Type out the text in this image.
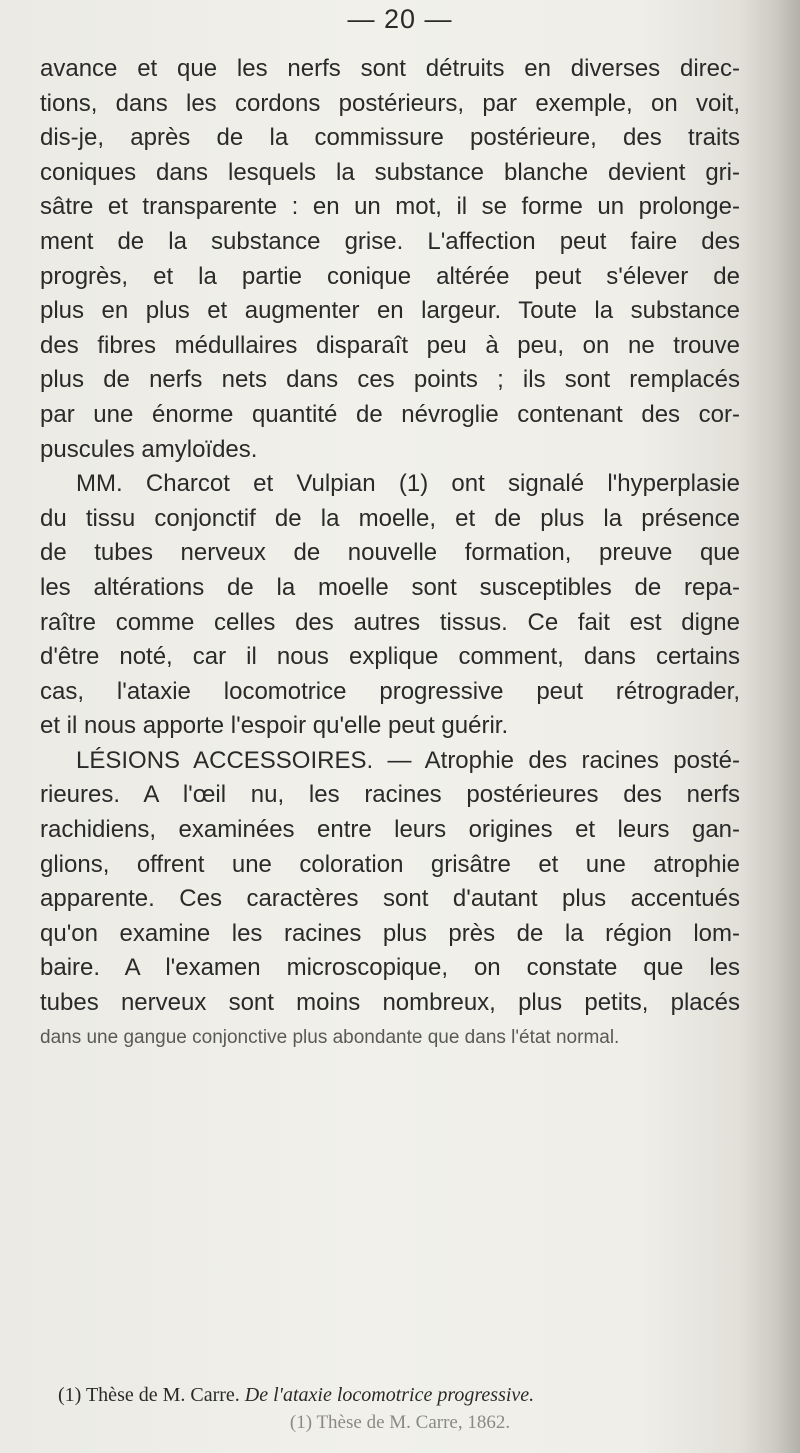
— 20 —
avance et que les nerfs sont détruits en diverses direc-
tions, dans les cordons postérieurs, par exemple, on voit,
dis-je, après de la commissure postérieure, des traits
coniques dans lesquels la substance blanche devient gri-
sâtre et transparente : en un mot, il se forme un prolonge-
ment de la substance grise. L'affection peut faire des
progrès, et la partie conique altérée peut s'élever de
plus en plus et augmenter en largeur. Toute la substance
des fibres médullaires disparaît peu à peu, on ne trouve
plus de nerfs nets dans ces points ; ils sont remplacés
par une énorme quantité de névroglie contenant des cor-
puscules amyloïdes.
MM. Charcot et Vulpian (1) ont signalé l'hyperplasie
du tissu conjonctif de la moelle, et de plus la présence
de tubes nerveux de nouvelle formation, preuve que
les altérations de la moelle sont susceptibles de repa-
raître comme celles des autres tissus. Ce fait est digne
d'être noté, car il nous explique comment, dans certains
cas, l'ataxie locomotrice progressive peut rétrograder,
et il nous apporte l'espoir qu'elle peut guérir.
LÉSIONS ACCESSOIRES. — Atrophie des racines posté-
rieures. A l'œil nu, les racines postérieures des nerfs
rachidiens, examinées entre leurs origines et leurs gan-
glions, offrent une coloration grisâtre et une atrophie
apparente. Ces caractères sont d'autant plus accentués
qu'on examine les racines plus près de la région lom-
baire. A l'examen microscopique, on constate que les
tubes nerveux sont moins nombreux, plus petits, placés
dans une gangue conjonctive plus abondante que dans l'état normal.
(1) Thèse de M. Carre. De l'ataxie locomotrice progressive.
(1) Thèse de M. Carre, 1862.
